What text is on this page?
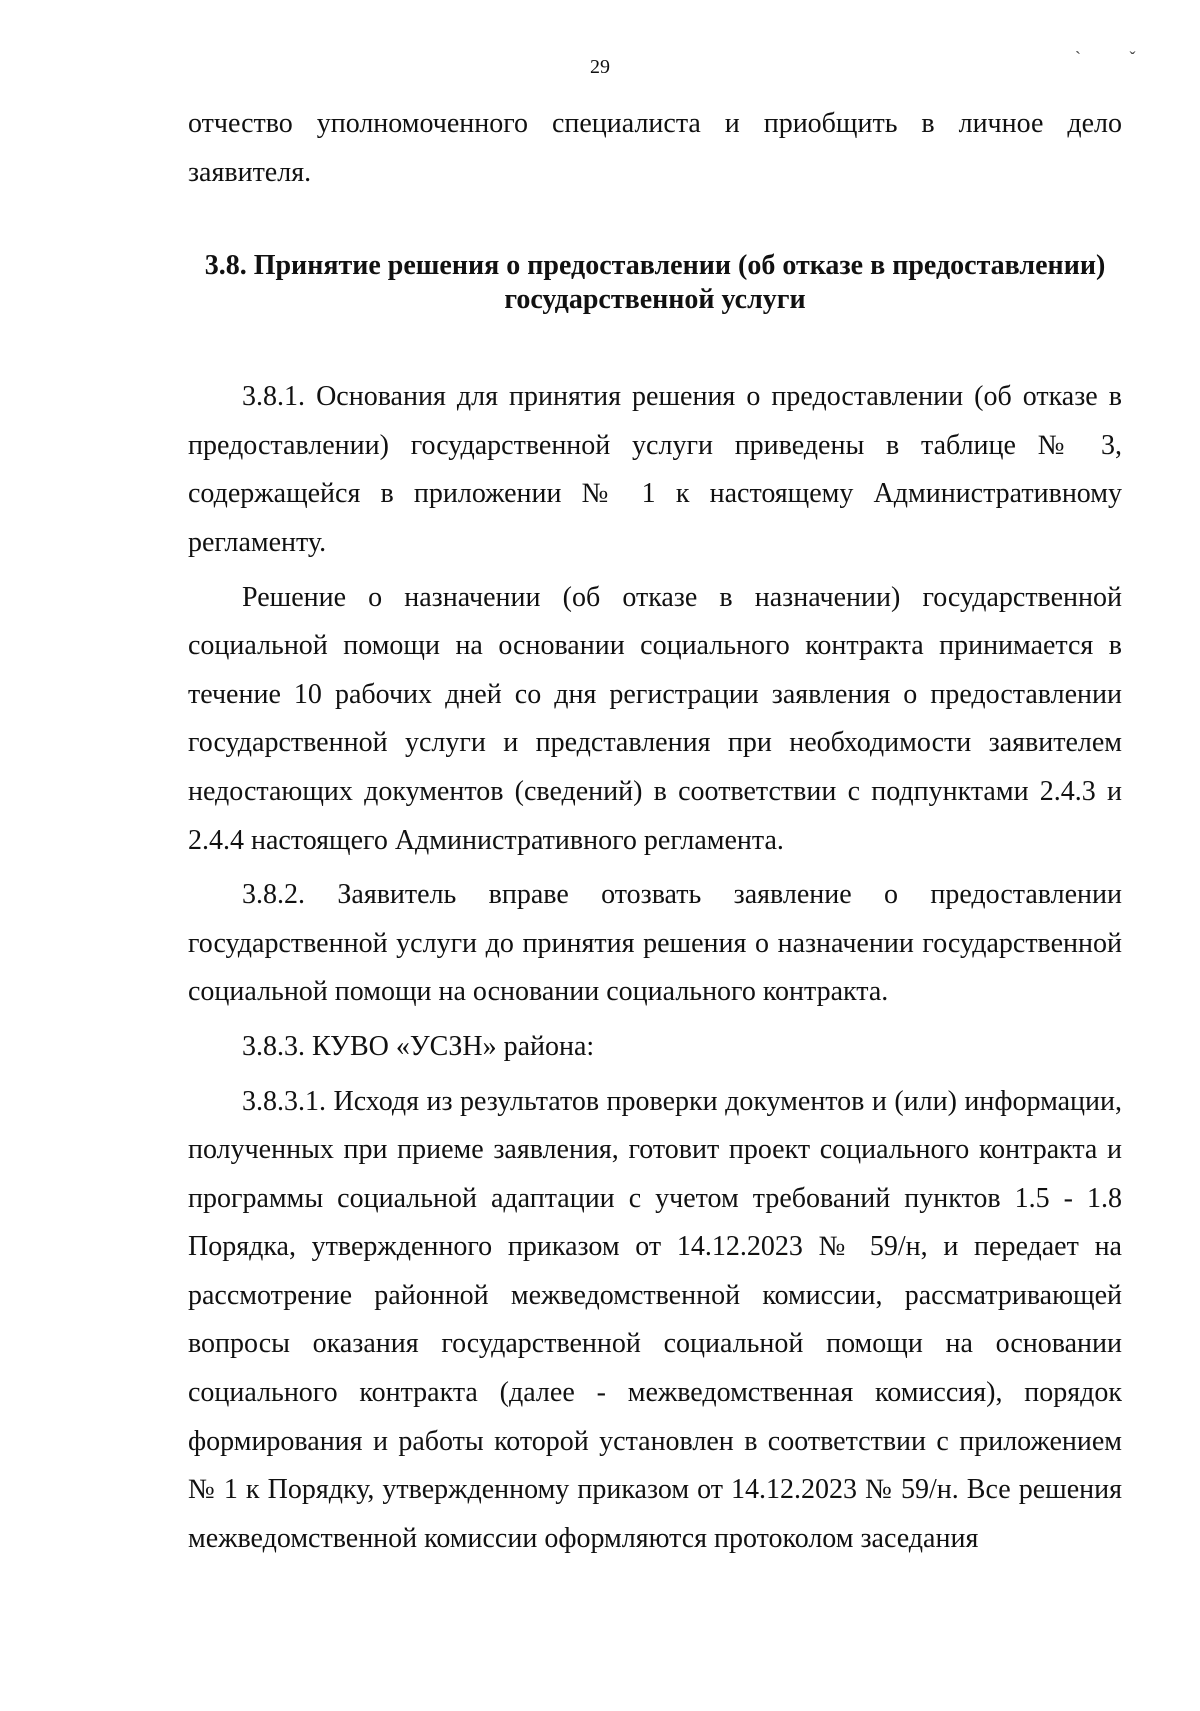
29	` ˇ

отчество уполномоченного специалиста и приобщить в личное дело заявителя.

3.8. Принятие решения о предоставлении (об отказе в предоставлении)
государственной услуги

3.8.1. Основания для принятия решения о предоставлении (об отказе в предоставлении) государственной услуги приведены в таблице № 3, содержащейся в приложении № 1 к настоящему Административному регламенту.

Решение о назначении (об отказе в назначении) государственной социальной помощи на основании социального контракта принимается в течение 10 рабочих дней со дня регистрации заявления о предоставлении государственной услуги и представления при необходимости заявителем недостающих документов (сведений) в соответствии с подпунктами 2.4.3 и 2.4.4 настоящего Административного регламента.

3.8.2. Заявитель вправе отозвать заявление о предоставлении государственной услуги до принятия решения о назначении государственной социальной помощи на основании социального контракта.

3.8.3. КУВО «УСЗН» района:

3.8.3.1. Исходя из результатов проверки документов и (или) информации, полученных при приеме заявления, готовит проект социального контракта и программы социальной адаптации с учетом требований пунктов 1.5 - 1.8 Порядка, утвержденного приказом от 14.12.2023 № 59/н, и передает на рассмотрение районной межведомственной комиссии, рассматривающей вопросы оказания государственной социальной помощи на основании социального контракта (далее - межведомственная комиссия), порядок формирования и работы которой установлен в соответствии с приложением № 1 к Порядку, утвержденному приказом от 14.12.2023 № 59/н. Все решения межведомственной комиссии оформляются протоколом заседания
